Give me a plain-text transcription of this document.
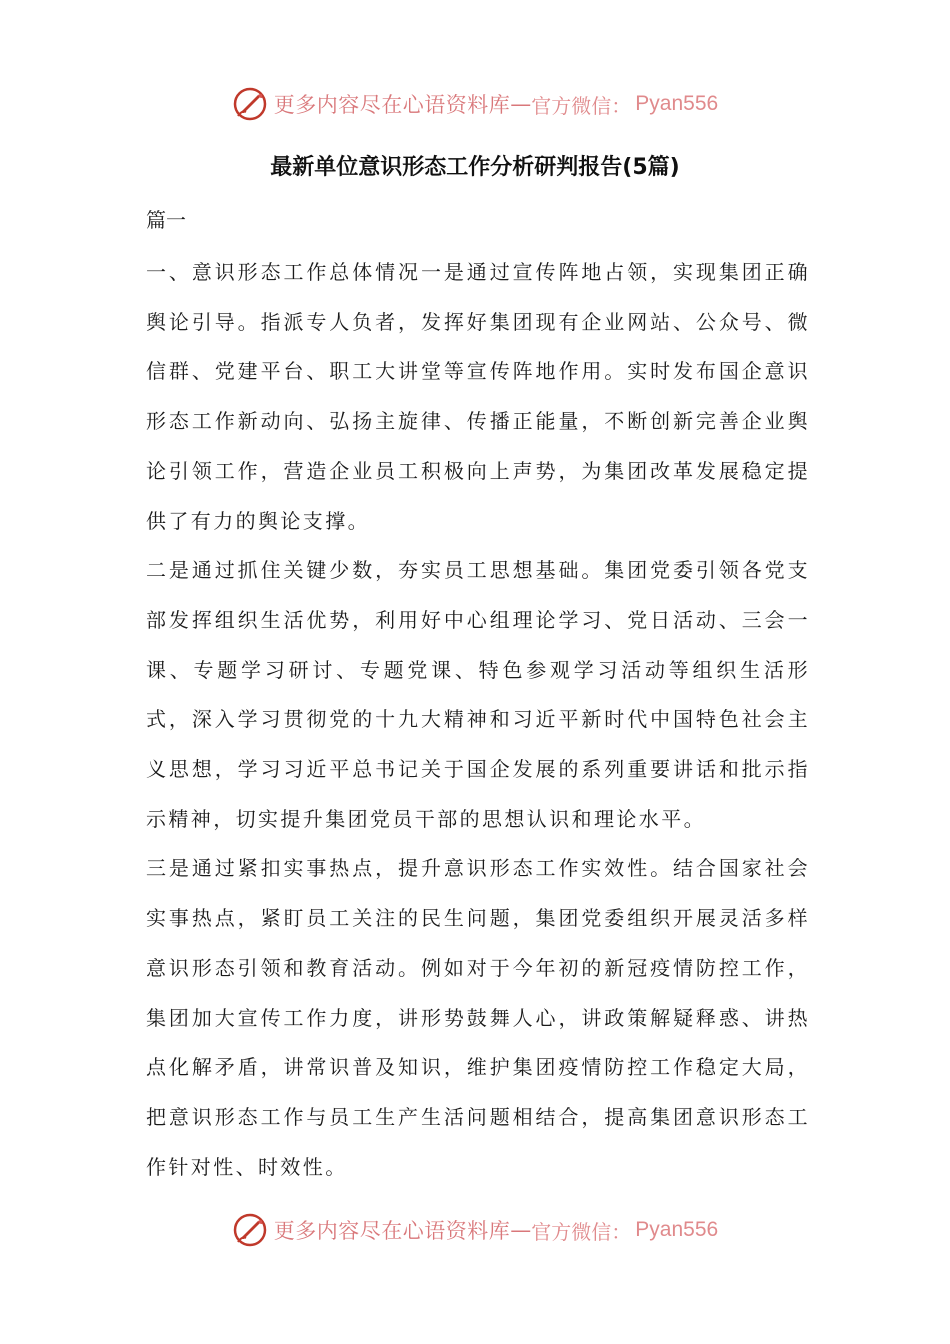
更多内容尽在心语资料库 — 官方微信： Pyan556
最新单位意识形态工作分析研判报告(5篇)
篇一

一、意识形态工作总体情况一是通过宣传阵地占领，实现集团正确舆论引导。指派专人负者，发挥好集团现有企业网站、公众号、微信群、党建平台、职工大讲堂等宣传阵地作用。实时发布国企意识形态工作新动向、弘扬主旋律、传播正能量，不断创新完善企业舆论引领工作，营造企业员工积极向上声势，为集团改革发展稳定提供了有力的舆论支撑。

二是通过抓住关键少数，夯实员工思想基础。集团党委引领各党支部发挥组织生活优势，利用好中心组理论学习、党日活动、三会一课、专题学习研讨、专题党课、特色参观学习活动等组织生活形式，深入学习贯彻党的十九大精神和习近平新时代中国特色社会主义思想，学习习近平总书记关于国企发展的系列重要讲话和批示指示精神，切实提升集团党员干部的思想认识和理论水平。

三是通过紧扣实事热点，提升意识形态工作实效性。结合国家社会实事热点，紧盯员工关注的民生问题，集团党委组织开展灵活多样意识形态引领和教育活动。例如对于今年初的新冠疫情防控工作，集团加大宣传工作力度，讲形势鼓舞人心，讲政策解疑释惑、讲热点化解矛盾，讲常识普及知识，维护集团疫情防控工作稳定大局，把意识形态工作与员工生产生活问题相结合，提高集团意识形态工作针对性、时效性。

更多内容尽在心语资料库 — 官方微信： Pyan556
